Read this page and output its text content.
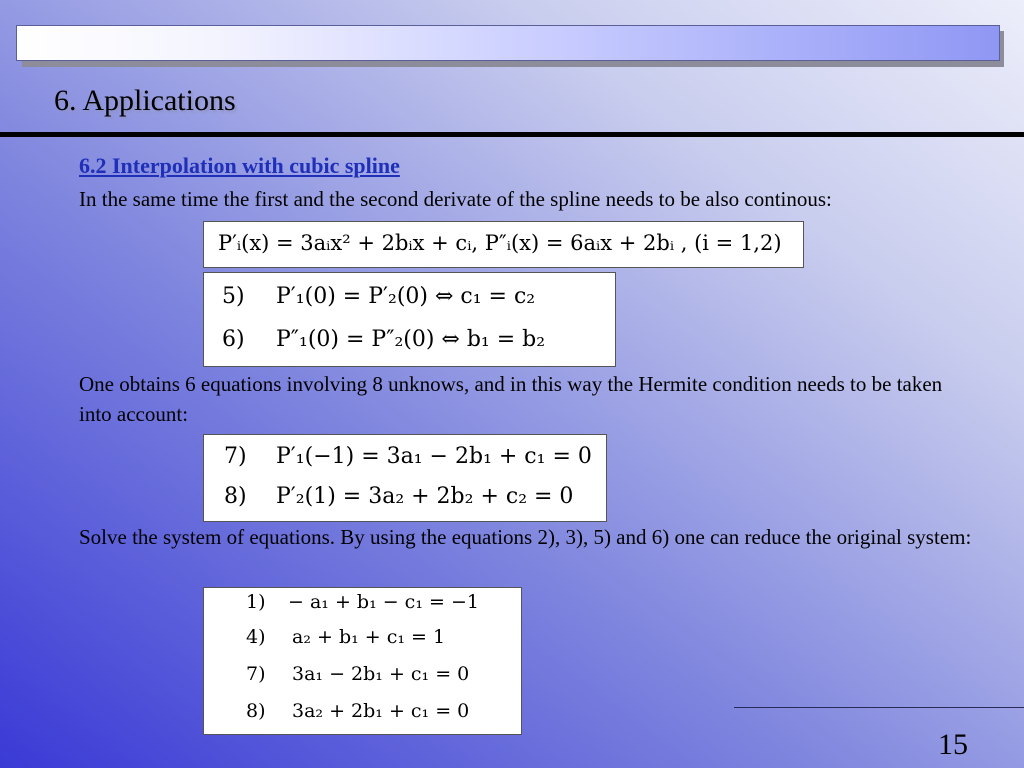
6. Applications
6.2 Interpolation with cubic spline
In the same time the first and the second derivate of the spline needs to be also continous:
P′ᵢ(x) = 3aᵢx² + 2bᵢx + cᵢ, P″ᵢ(x) = 6aᵢx + 2bᵢ , (i = 1,2)
5) P′₁(0) = P′₂(0) ⇔ c₁ = c₂
6) P″₁(0) = P″₂(0) ⇔ b₁ = b₂
One obtains 6 equations involving 8 unknows, and in this way the Hermite condition needs to be taken into account:
7) P′₁(−1) = 3a₁ − 2b₁ + c₁ = 0
8) P′₂(1) = 3a₂ + 2b₂ + c₂ = 0
Solve the system of equations. By using the equations 2), 3), 5) and 6) one can reduce the original system:
1) − a₁ + b₁ − c₁ = −1
4) a₂ + b₁ + c₁ = 1
7) 3a₁ − 2b₁ + c₁ = 0
8) 3a₂ + 2b₁ + c₁ = 0
15
